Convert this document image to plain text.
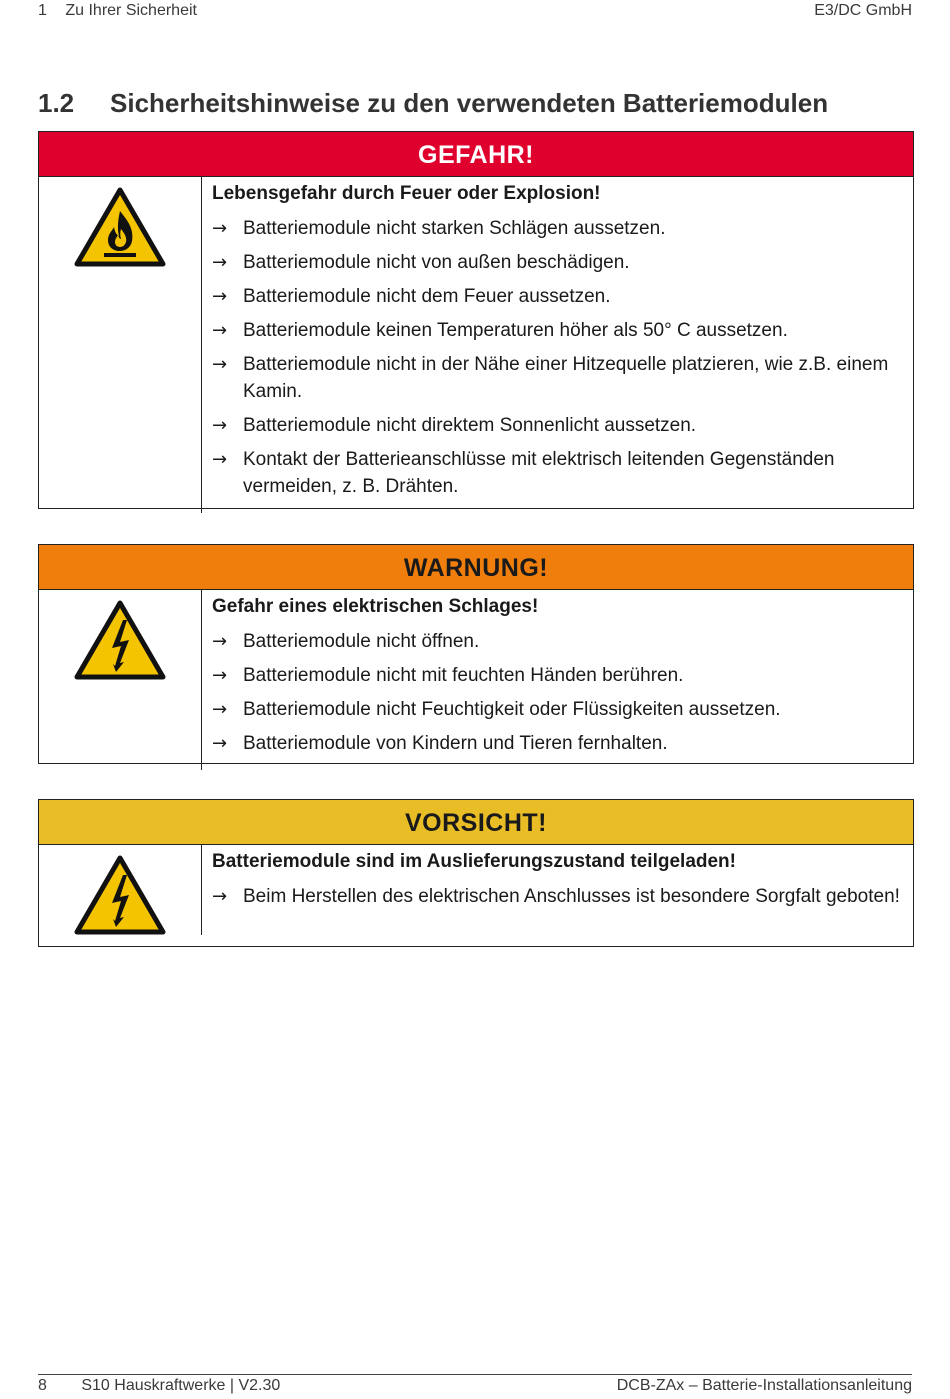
1 Zu Ihrer Sicherheit	E3/DC GmbH
1.2 Sicherheitshinweise zu den verwendeten Batteriemodulen
GEFAHR!

Lebensgefahr durch Feuer oder Explosion!

→ Batteriemodule nicht starken Schlägen aussetzen.
→ Batteriemodule nicht von außen beschädigen.
→ Batteriemodule nicht dem Feuer aussetzen.
→ Batteriemodule keinen Temperaturen höher als 50° C aussetzen.
→ Batteriemodule nicht in der Nähe einer Hitzequelle platzieren, wie z.B. einem Kamin.
→ Batteriemodule nicht direktem Sonnenlicht aussetzen.
→ Kontakt der Batterieanschlüsse mit elektrisch leitenden Gegenständen vermeiden, z. B. Drähten.
WARNUNG!

Gefahr eines elektrischen Schlages!

→ Batteriemodule nicht öffnen.
→ Batteriemodule nicht mit feuchten Händen berühren.
→ Batteriemodule nicht Feuchtigkeit oder Flüssigkeiten aussetzen.
→ Batteriemodule von Kindern und Tieren fernhalten.
VORSICHT!

Batteriemodule sind im Auslieferungszustand teilgeladen!

→ Beim Herstellen des elektrischen Anschlusses ist besondere Sorgfalt geboten!
8 S10 Hauskraftwerke | V2.30	DCB-ZAx – Batterie-Installationsanleitung
